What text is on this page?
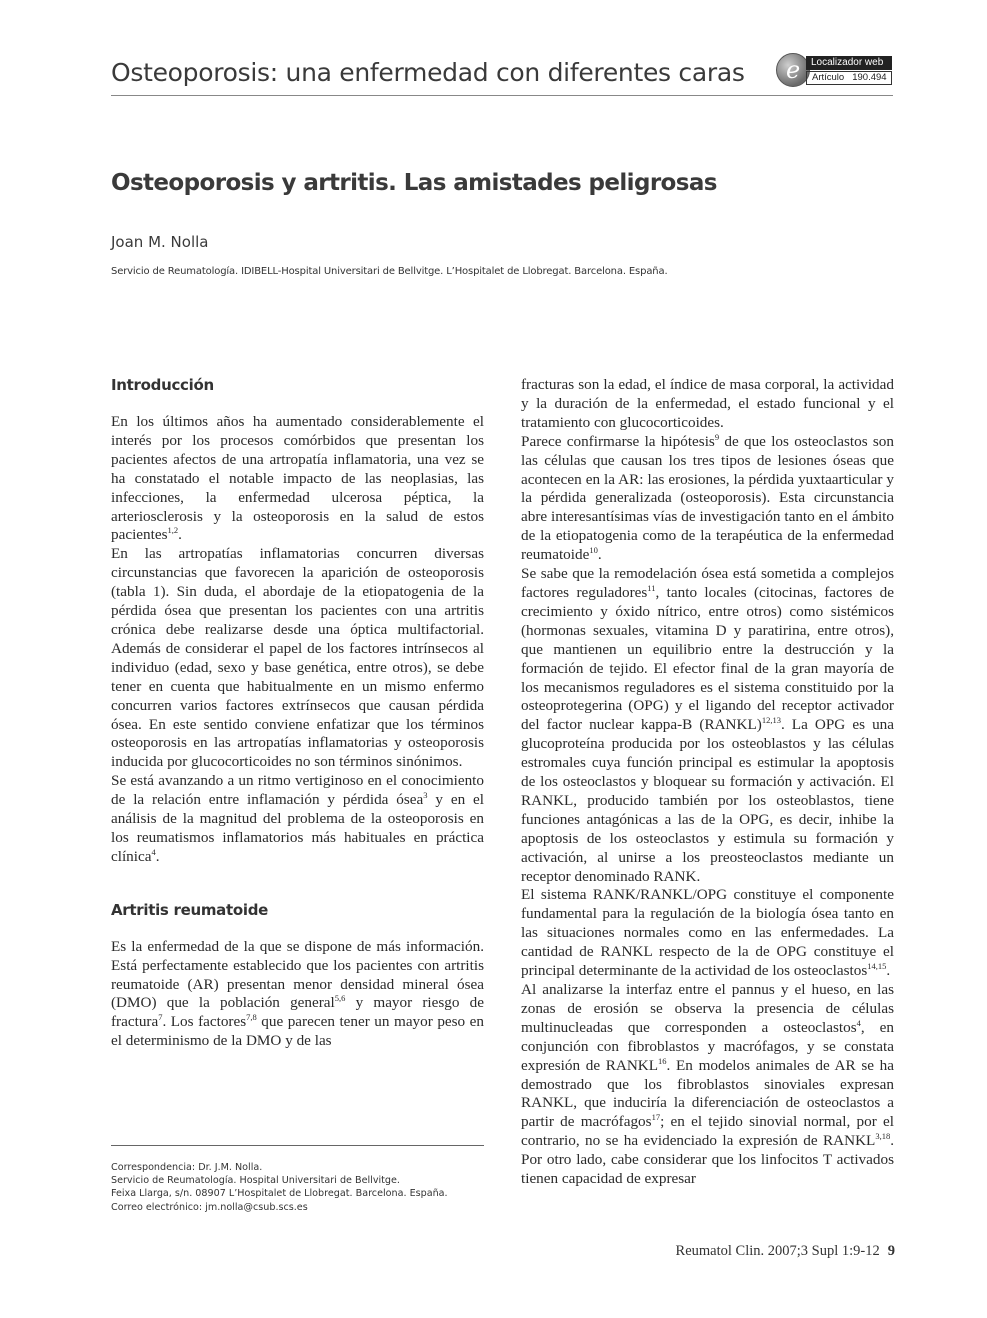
Osteoporosis: una enfermedad con diferentes caras e	Localizador web
Artículo 190.494
Osteoporosis y artritis. Las amistades peligrosas
Joan M. Nolla
Servicio de Reumatología. IDIBELL-Hospital Universitari de Bellvitge. L’Hospitalet de Llobregat. Barcelona. España.
Introducción

En los últimos años ha aumentado considerablemente el interés por los procesos comórbidos que presentan los pacientes afectos de una artropatía inflamatoria, una vez se ha constatado el notable impacto de las neoplasias, las infecciones, la enfermedad ulcerosa péptica, la arteriosclerosis y la osteoporosis en la salud de estos pacientes$^{1,2}$.

En las artropatías inflamatorias concurren diversas circunstancias que favorecen la aparición de osteoporosis (tabla 1). Sin duda, el abordaje de la etiopatogenia de la pérdida ósea que presentan los pacientes con una artritis crónica debe realizarse desde una óptica multifactorial. Además de considerar el papel de los factores intrínsecos al individuo (edad, sexo y base genética, entre otros), se debe tener en cuenta que habitualmente en un mismo enfermo concurren varios factores extrínsecos que causan pérdida ósea. En este sentido conviene enfatizar que los términos osteoporosis en las artropatías inflamatorias y osteoporosis inducida por glucocorticoides no son términos sinónimos.

Se está avanzando a un ritmo vertiginoso en el conocimiento de la relación entre inflamación y pérdida ósea$^3$ y en el análisis de la magnitud del problema de la osteoporosis en los reumatismos inflamatorios más habituales en práctica clínica$^4$.

Artritis reumatoide

Es la enfermedad de la que se dispone de más información. Está perfectamente establecido que los pacientes con artritis reumatoide (AR) presentan menor densidad mineral ósea (DMO) que la población general$^{5,6}$ y mayor riesgo de fractura$^7$. Los factores$^{7,8}$ que parecen tener un mayor peso en el determinismo de la DMO y de las

fracturas son la edad, el índice de masa corporal, la actividad y la duración de la enfermedad, el estado funcional y el tratamiento con glucocorticoides.

Parece confirmarse la hipótesis$^9$ de que los osteoclastos son las células que causan los tres tipos de lesiones óseas que acontecen en la AR: las erosiones, la pérdida yuxtaarticular y la pérdida generalizada (osteoporosis). Esta circunstancia abre interesantísimas vías de investigación tanto en el ámbito de la etiopatogenia como de la terapéutica de la enfermedad reumatoide$^{10}$.

Se sabe que la remodelación ósea está sometida a complejos factores reguladores$^{11}$, tanto locales (citocinas, factores de crecimiento y óxido nítrico, entre otros) como sistémicos (hormonas sexuales, vitamina D y paratirina, entre otros), que mantienen un equilibrio entre la destrucción y la formación de tejido. El efector final de la gran mayoría de los mecanismos reguladores es el sistema constituido por la osteoprotegerina (OPG) y el ligando del receptor activador del factor nuclear kappa-B (RANKL)$^{12,13}$. La OPG es una glucoproteína producida por los osteoblastos y las células estromales cuya función principal es estimular la apoptosis de los osteoclastos y bloquear su formación y activación. El RANKL, producido también por los osteoblastos, tiene funciones antagónicas a las de la OPG, es decir, inhibe la apoptosis de los osteoclastos y estimula su formación y activación, al unirse a los preosteoclastos mediante un receptor denominado RANK.

El sistema RANK/RANKL/OPG constituye el componente fundamental para la regulación de la biología ósea tanto en las situaciones normales como en las enfermedades. La cantidad de RANKL respecto de la de OPG constituye el principal determinante de la actividad de los osteoclastos$^{14,15}$.

Al analizarse la interfaz entre el pannus y el hueso, en las zonas de erosión se observa la presencia de células multinucleadas que corresponden a osteoclastos$^4$, en conjunción con fibroblastos y macrófagos, y se constata expresión de RANKL$^{16}$. En modelos animales de AR se ha demostrado que los fibroblastos sinoviales expresan RANKL, que induciría la diferenciación de osteoclastos a partir de macrófagos$^{17}$; en el tejido sinovial normal, por el contrario, no se ha evidenciado la expresión de RANKL$^{3,18}$. Por otro lado, cabe considerar que los linfocitos T activados tienen capacidad de expresar

Correspondencia: Dr. J.M. Nolla.
Servicio de Reumatología. Hospital Universitari de Bellvitge.
Feixa Llarga, s/n. 08907 L’Hospitalet de Llobregat. Barcelona. España.
Correo electrónico: jm.nolla@csub.scs.es
Reumatol Clin. 2007;3 Supl 1:9-12 9
